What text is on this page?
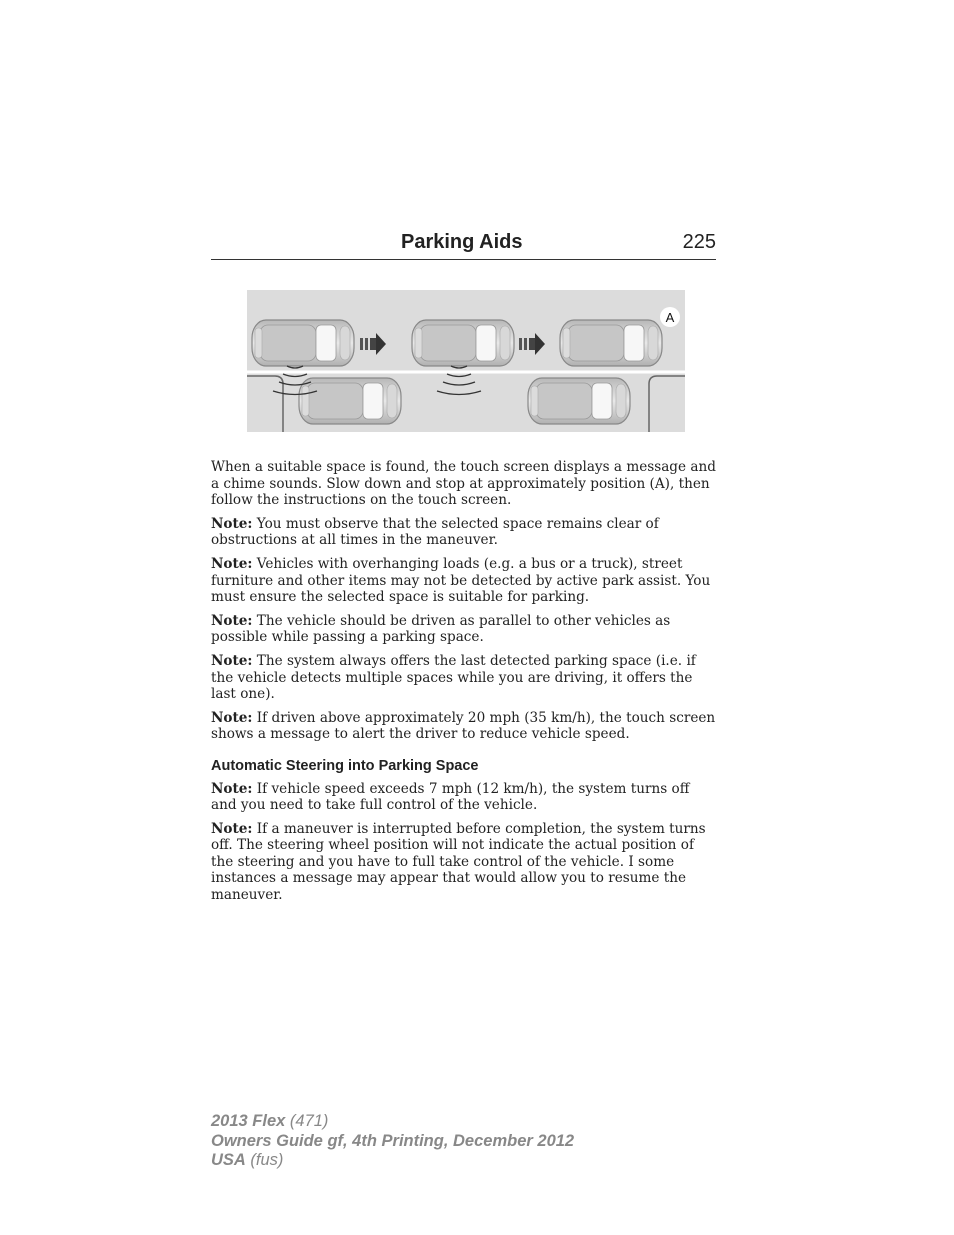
Parking Aids	225
A

When a suitable space is found, the touch screen displays a message and a chime sounds. Slow down and stop at approximately position (A), then follow the instructions on the touch screen.

Note: You must observe that the selected space remains clear of obstructions at all times in the maneuver.

Note: Vehicles with overhanging loads (e.g. a bus or a truck), street furniture and other items may not be detected by active park assist. You must ensure the selected space is suitable for parking.

Note: The vehicle should be driven as parallel to other vehicles as possible while passing a parking space.

Note: The system always offers the last detected parking space (i.e. if the vehicle detects multiple spaces while you are driving, it offers the last one).

Note: If driven above approximately 20 mph (35 km/h), the touch screen shows a message to alert the driver to reduce vehicle speed.

Automatic Steering into Parking Space

Note: If vehicle speed exceeds 7 mph (12 km/h), the system turns off and you need to take full control of the vehicle.

Note: If a maneuver is interrupted before completion, the system turns off. The steering wheel position will not indicate the actual position of the steering and you have to full take control of the vehicle. I some instances a message may appear that would allow you to resume the maneuver.

2013 Flex (471)
Owners Guide gf, 4th Printing, December 2012
USA (fus)
